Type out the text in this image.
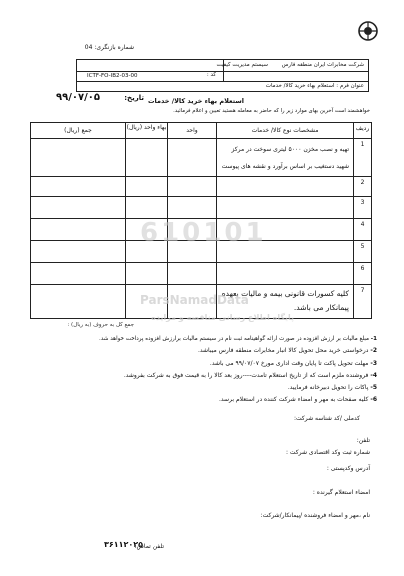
شماره بازنگری: 04
شرکت مخابرات ایران منطقه فارس
سیستم مدیریت کیفیت
کد :
ICTF-FO-IB2-03-00
عنوان فرم : استعلام بهاء خرید کالا/ خدمات
استعلام بهاء خرید کالا/ خدمات
تاریخ:
۹۹/۰۷/۰۵
خواهشمند است آخرین بهای موارد زیر را که حاضر به معامله هستید تعیین و اعلام فرمائید.
ردیف	مشخصات نوع کالا/ خدمات	واحد	بهاء واحد (ریال)	جمع (ریال)
1	تهیه و نصب مخزن ۵۰۰۰ لیتری سوخت در مرکز شهید دستغیب بر اساس برآورد و نقشه های پیوست			
2				
3				
4				
5				
6				
7	کلیه کسورات قانونی بیمه و مالیات بعهده پیمانکار می باشد.			
جمع کل به حروف (به ریال) :
610101
ParsNamadData
پایگاه اطلاع رسانی مناقصه و مزایده
1- مبلغ مالیات بر ارزش افزوده در صورت ارائه گواهینامه ثبت نام در سیستم مالیات برارزش افزوده پرداخت خواهد شد.
2- درخواستی خرید محل تحویل کالا انبار مخابرات منطقه فارس میباشد.
3- مهلت تحویل پاکت تا پایان وقت اداری مورخ ۹۹/۰۷/۰۷ می باشد.
4- فروشنده ملزم است که از تاریخ استعلام تامدت----روز بعد کالا را به قیمت فوق به شرکت بفروشد.
5- پاکات را تحویل دبیرخانه فرمایید.
6- کلیه صفحات به مهر و امضاء شرکت کننده در استعلام برسد.
کدملی /کد شناسه شرکت:
تلفن:
شماره ثبت وکد اقتصادی شرکت :
آدرس وکدپستی :
امضاء استعلام گیرنده :
نام ،مهر و امضاء فروشنده /پیمانکار/شرکت:
تلفن تماس:
۳۶۱۱۲۰۲۵
